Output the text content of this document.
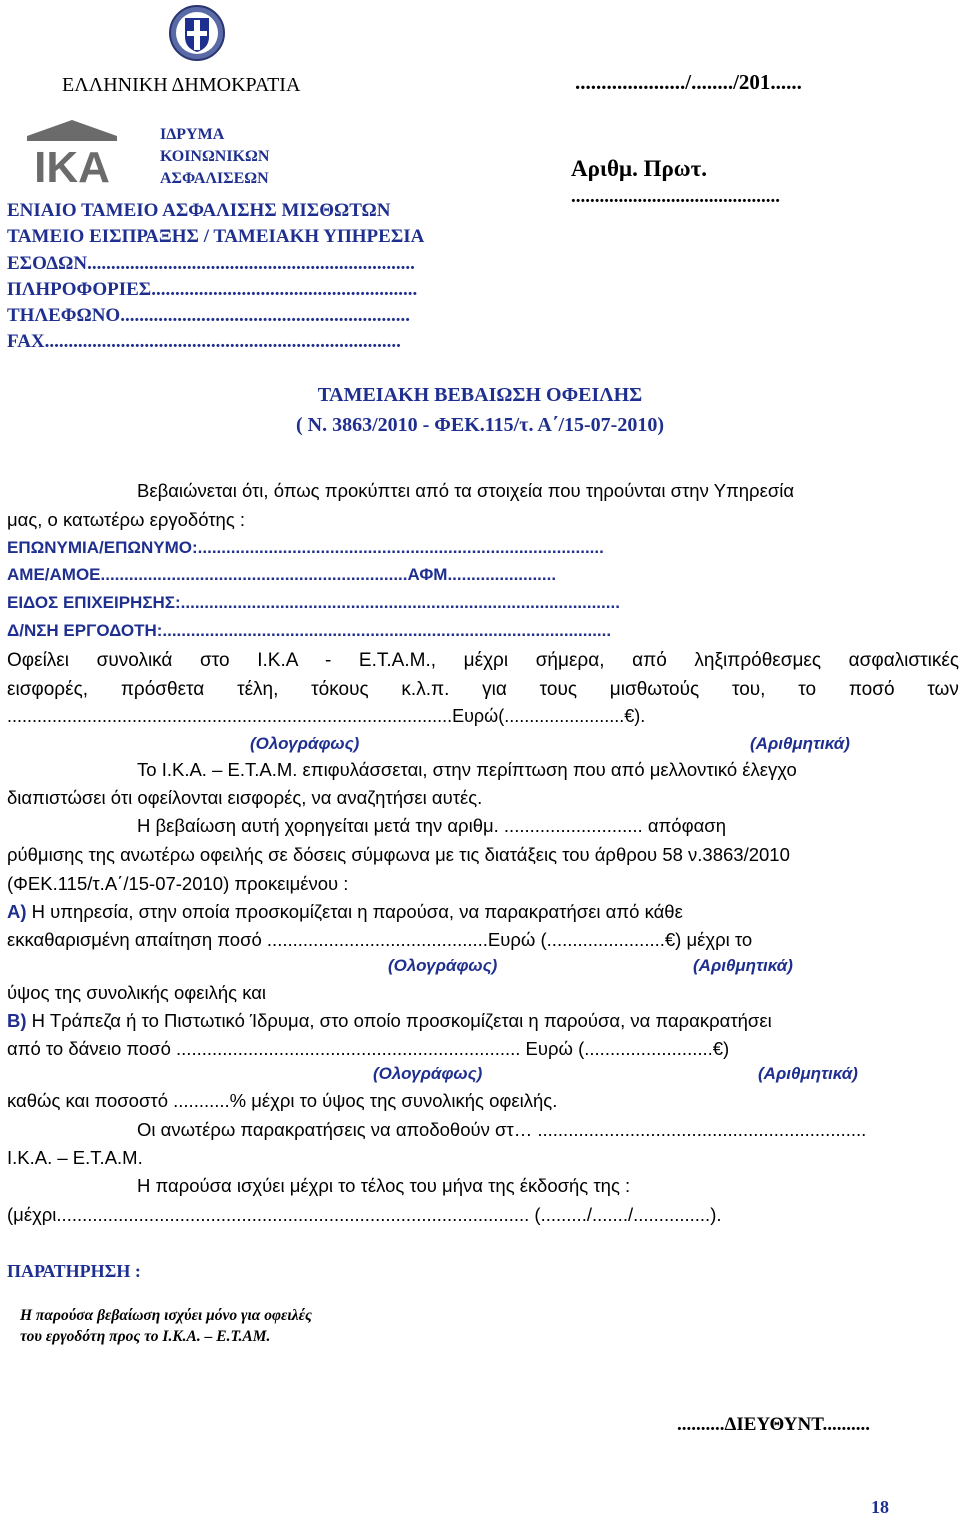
ΕΛΛΗΝΙΚΗ ΔΗΜΟΚΡΑΤΙΑ
IKA
ΙΔΡΥΜΑ
ΚΟΙΝΩΝΙΚΩΝ
ΑΣΦΑΛΙΣΕΩΝ
ΕΝΙΑΙΟ ΤΑΜΕΙΟ ΑΣΦΑΛΙΣΗΣ ΜΙΣΘΩΤΩΝ
ΤΑΜΕΙΟ ΕΙΣΠΡΑΞΗΣ / ΤΑΜΕΙΑΚΗ ΥΠΗΡΕΣΙΑ
ΕΣΟΔΩΝ.....................................................................
ΠΛΗΡΟΦΟΡΙΕΣ........................................................
ΤΗΛΕΦΩΝΟ.............................................................
FAX...........................................................................
...................../......../201......
Αριθμ. Πρωτ.
............................................
ΤΑΜΕΙΑΚΗ ΒΕΒΑΙΩΣΗ ΟΦΕΙΛΗΣ
( Ν. 3863/2010 - ΦΕΚ.115/τ. Α΄/15-07-2010)
Βεβαιώνεται ότι, όπως προκύπτει από τα στοιχεία που τηρούνται στην Υπηρεσία
μας, ο κατωτέρω εργοδότης :
ΕΠΩΝΥΜΙΑ/ΕΠΩΝΥΜΟ:......................................................................................
ΑΜΕ/ΑΜΟΕ.................................................................ΑΦΜ.......................
ΕΙΔΟΣ ΕΠΙΧΕΙΡΗΣΗΣ:.............................................................................................
Δ/ΝΣΗ ΕΡΓΟΔΟΤΗ:...............................................................................................
Οφείλει συνολικά στο Ι.Κ.Α - Ε.Τ.Α.Μ., μέχρι σήμερα, από ληξιπρόθεσμες ασφαλιστικές
εισφορές, πρόσθετα τέλη, τόκους κ.λ.π. για τους μισθωτούς του, το ποσό των
.........................................................................................Ευρώ(........................€).
(Ολογράφως)	(Αριθμητικά)
Το Ι.Κ.Α. – Ε.Τ.Α.Μ. επιφυλάσσεται, στην περίπτωση που από μελλοντικό έλεγχο
διαπιστώσει ότι οφείλονται εισφορές, να αναζητήσει αυτές.
Η βεβαίωση αυτή χορηγείται μετά την αριθμ. ........................... απόφαση
ρύθμισης της ανωτέρω οφειλής σε δόσεις σύμφωνα με τις διατάξεις του άρθρου 58 ν.3863/2010
(ΦΕΚ.115/τ.Α΄/15-07-2010) προκειμένου :
Α) Η υπηρεσία, στην οποία προσκομίζεται η παρούσα, να παρακρατήσει από κάθε
εκκαθαρισμένη απαίτηση ποσό ...........................................Ευρώ (.......................€) μέχρι το
(Ολογράφως)	(Αριθμητικά)
ύψος της συνολικής οφειλής και
Β) Η Τράπεζα ή το Πιστωτικό Ίδρυμα, στο οποίο προσκομίζεται η παρούσα, να παρακρατήσει
από το δάνειο ποσό ................................................................... Ευρώ (.........................€)
(Ολογράφως)	(Αριθμητικά)
καθώς και ποσοστό ...........% μέχρι το ύψος της συνολικής οφειλής.
Οι ανωτέρω παρακρατήσεις να αποδοθούν στ… ................................................................
Ι.Κ.Α. – Ε.Τ.Α.Μ.
Η παρούσα ισχύει μέχρι το τέλος του μήνα της έκδοσής της :
(μέχρι............................................................................................ (........./......./...............).
ΠΑΡΑΤΗΡΗΣΗ :
Η παρούσα βεβαίωση ισχύει μόνο για οφειλές
του εργοδότη προς το Ι.Κ.Α. – Ε.Τ.ΑΜ.
..........ΔΙΕΥΘΥΝΤ..........
18
